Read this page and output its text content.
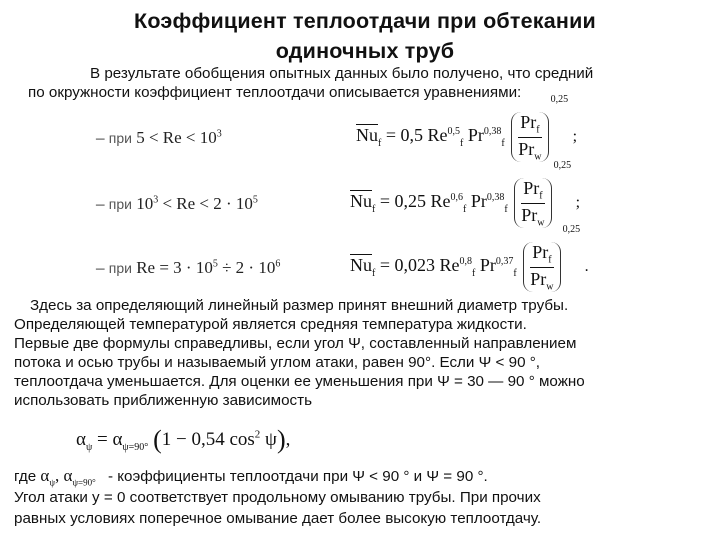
Коэффициент теплоотдачи при обтекании
одиночных труб
В результате обобщения опытных данных было получено, что средний
по окружности коэффициент теплоотдачи описывается уравнениями:
– при $5 < Re < 10^3$	$\overline{Nu}_f = 0,5$ Re$^{0,5}_f$ $Pr^{0,38}_f \frac{Pr_f}{Pr_w}$
$^{0,25}$ ;
– при $10^3 < Re < 2 \cdot 10^5$	$\overline{Nu}_f = 0,25$ Re$^{0,6}_f$ $Pr^{0,38}_f \frac{Pr_f}{Pr_w}$
$^{0,25}$ ;
– при $Re = 3 \cdot 10^5 \div 2 \cdot 10^6$	$\overline{Nu}_f = 0,023$ Re$^{0,8}_f$ $Pr^{0,37}_f \frac{Pr_f}{Pr_w}$
$^{0,25}$ .
Здесь за определяющий линейный размер принят внешний диаметр трубы.
Определяющей температурой является средняя температура жидкости.
Первые две формулы справедливы, если угол Ψ, составленный направлением
потока и осью трубы и называемый углом атаки, равен 90°. Если Ψ < 90 °,
теплоотдача уменьшается. Для оценки ее уменьшения при Ψ = 30 — 90 ° можно
использовать приближенную зависимость
$\alpha_\psi = \alpha_{\psi=90^\circ}$ (1 − 0,54 $\cos^2 \psi$),
где $\alpha_\psi$, $\alpha_{\psi=90^\circ}$ - коэффициенты теплоотдачи при Ψ < 90 ° и Ψ = 90 °.
Угол атаки у = 0 соответствует продольному омыванию трубы. При прочих
равных условиях поперечное омывание дает более высокую теплоотдачу.
